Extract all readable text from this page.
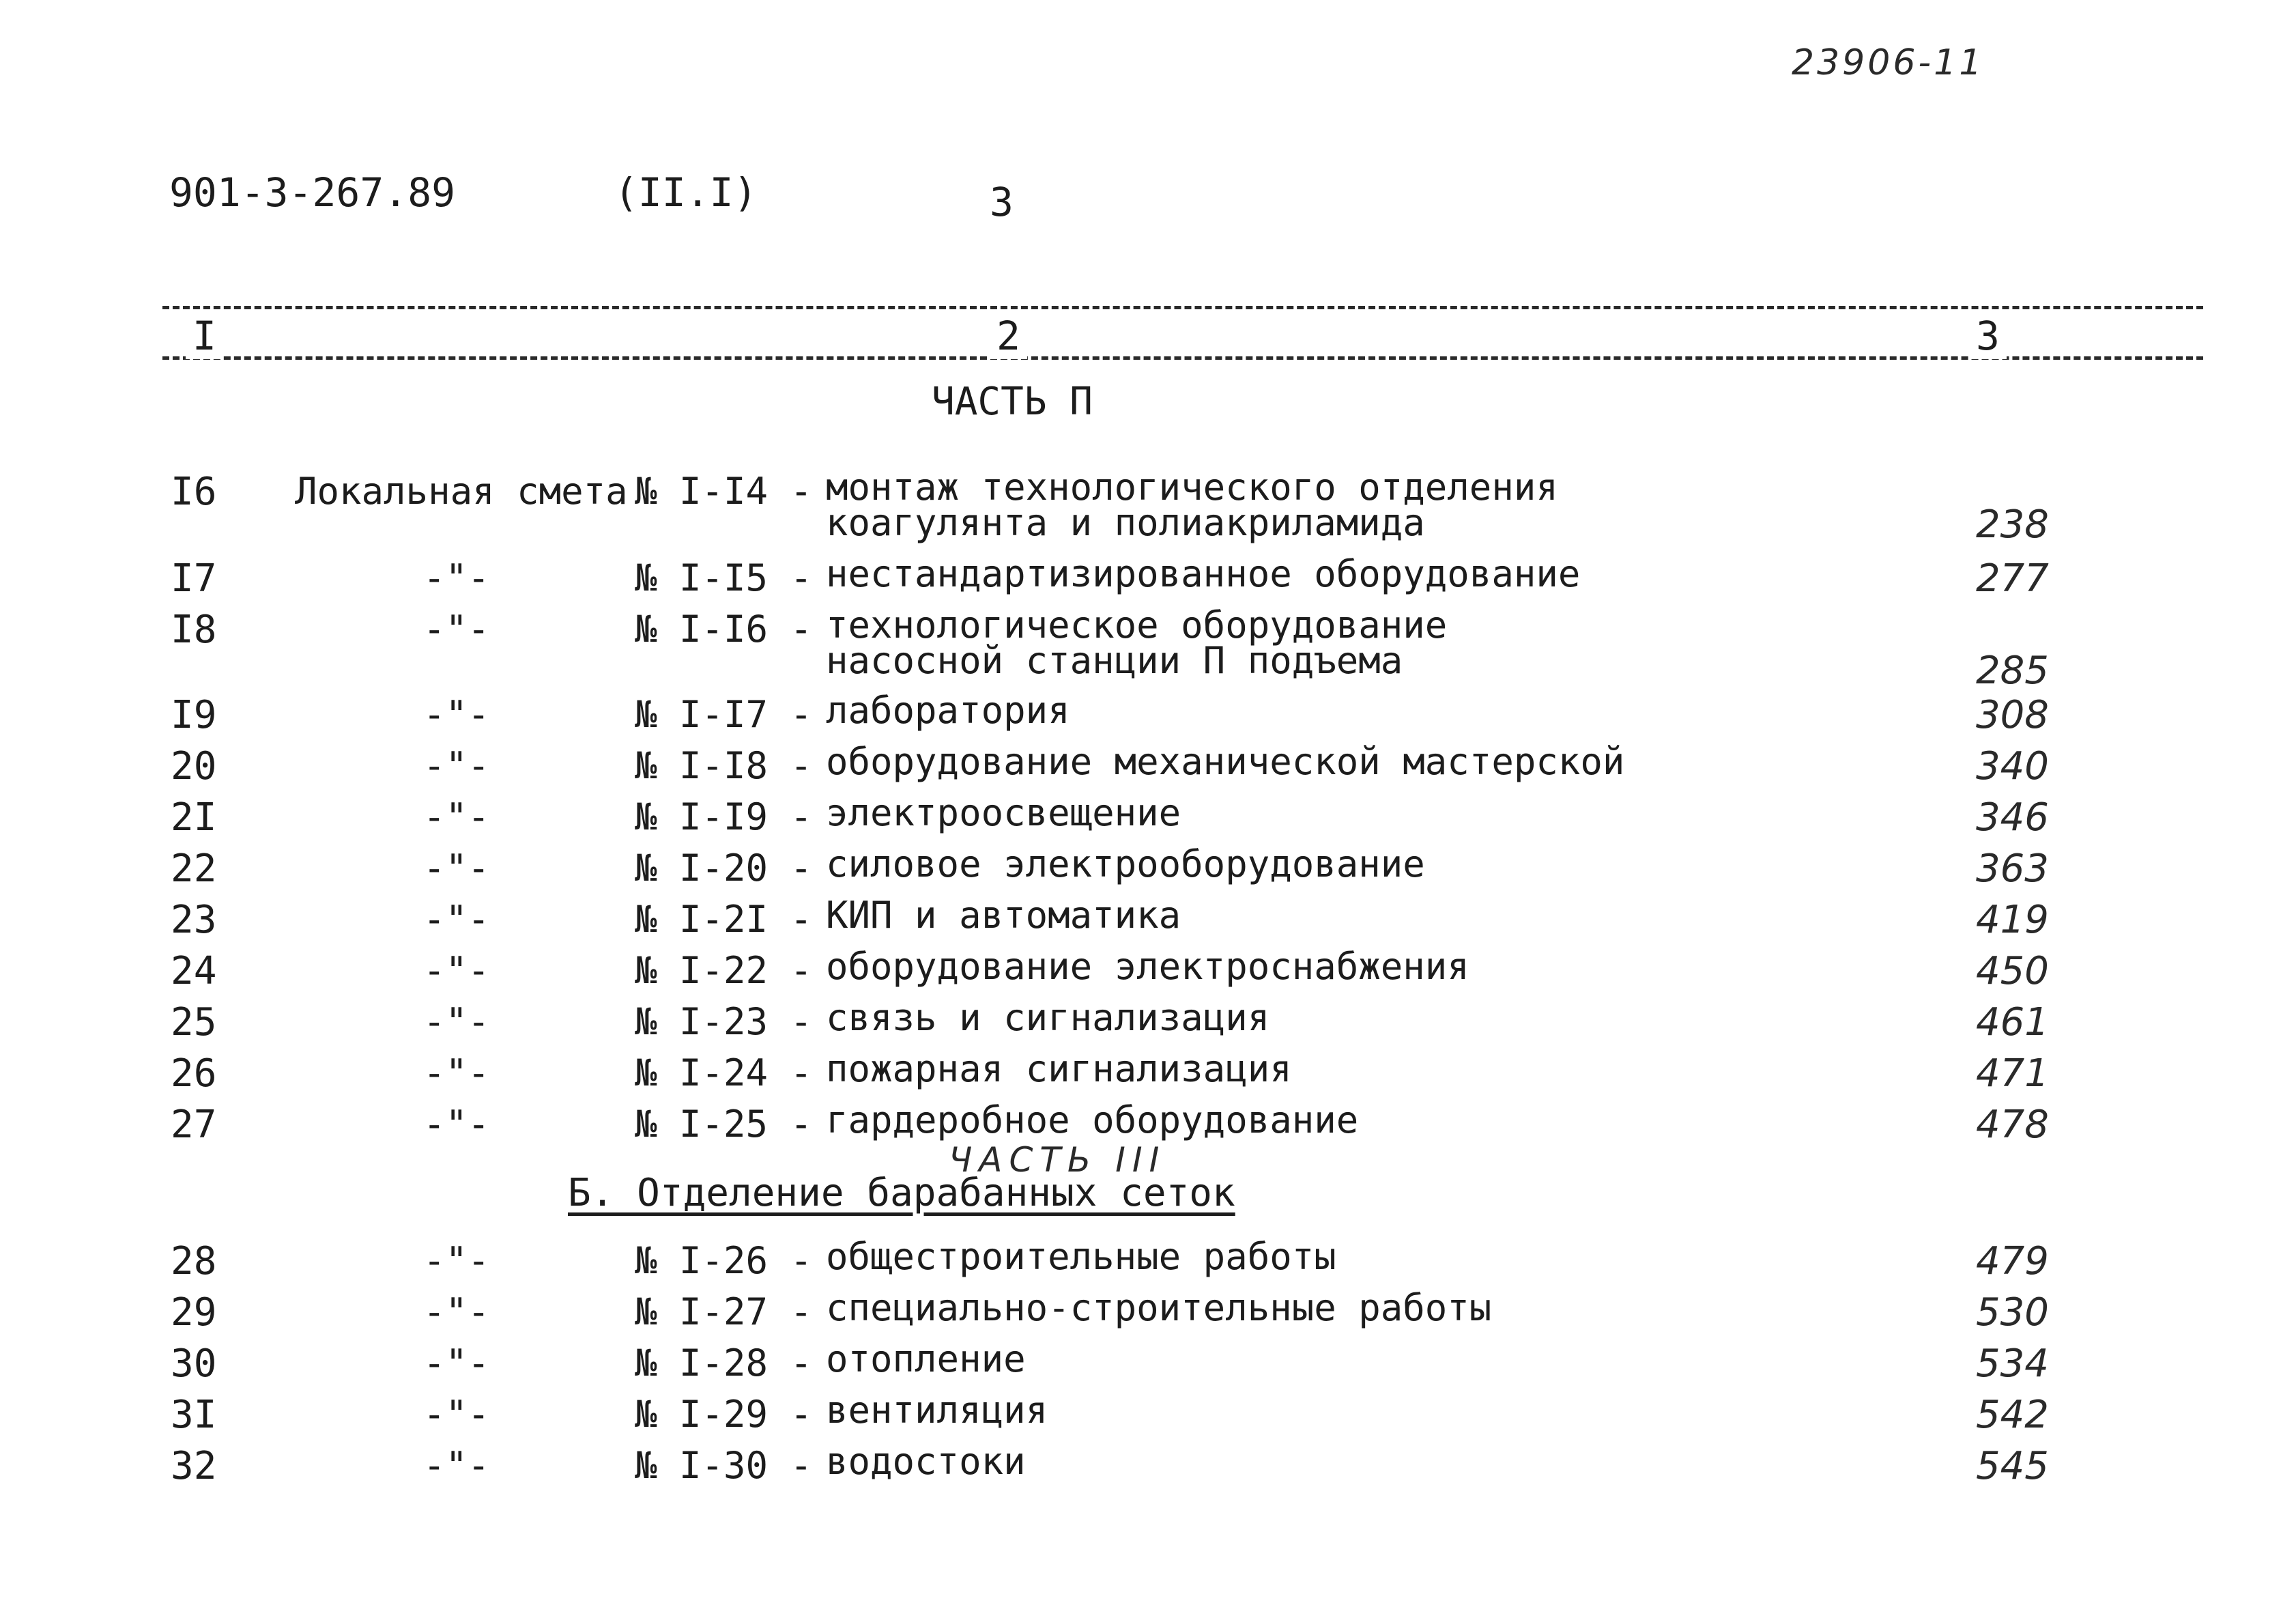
23906-11
901-3-267.89	(II.I)	3
I	2	3
ЧАСТЬ П
I6 Локальная смета № I-I4 - монтаж технологического отделения
коагулянта и полиакриламида	238
I7	-"-	№ I-I5 - нестандартизированное оборудование	277
I8	-"-	№ I-I6 - технологическое оборудование
насосной станции П подъема	285
I9	-"-	№ I-I7 - лаборатория	308
20	-"-	№ I-I8 - оборудование механической мастерской	340
2I	-"-	№ I-I9 - электроосвещение	346
22	-"-	№ I-20 - силовое электрооборудование	363
23	-"-	№ I-2I - КИП и автоматика	419
24	-"-	№ I-22 - оборудование электроснабжения	450
25	-"-	№ I-23 - связь и сигнализация	461
26	-"-	№ I-24 - пожарная сигнализация	471
27	-"-	№ I-25 - гардеробное оборудование	478
ЧАСТЬ III
Б. Отделение барабанных сеток
28	-"-	№ I-26 - общестроительные работы	479
29	-"-	№ I-27 - специально-строительные работы	530
30	-"-	№ I-28 - отопление	534
3I	-"-	№ I-29 - вентиляция	542
32	-"-	№ I-30 - водостоки	545
